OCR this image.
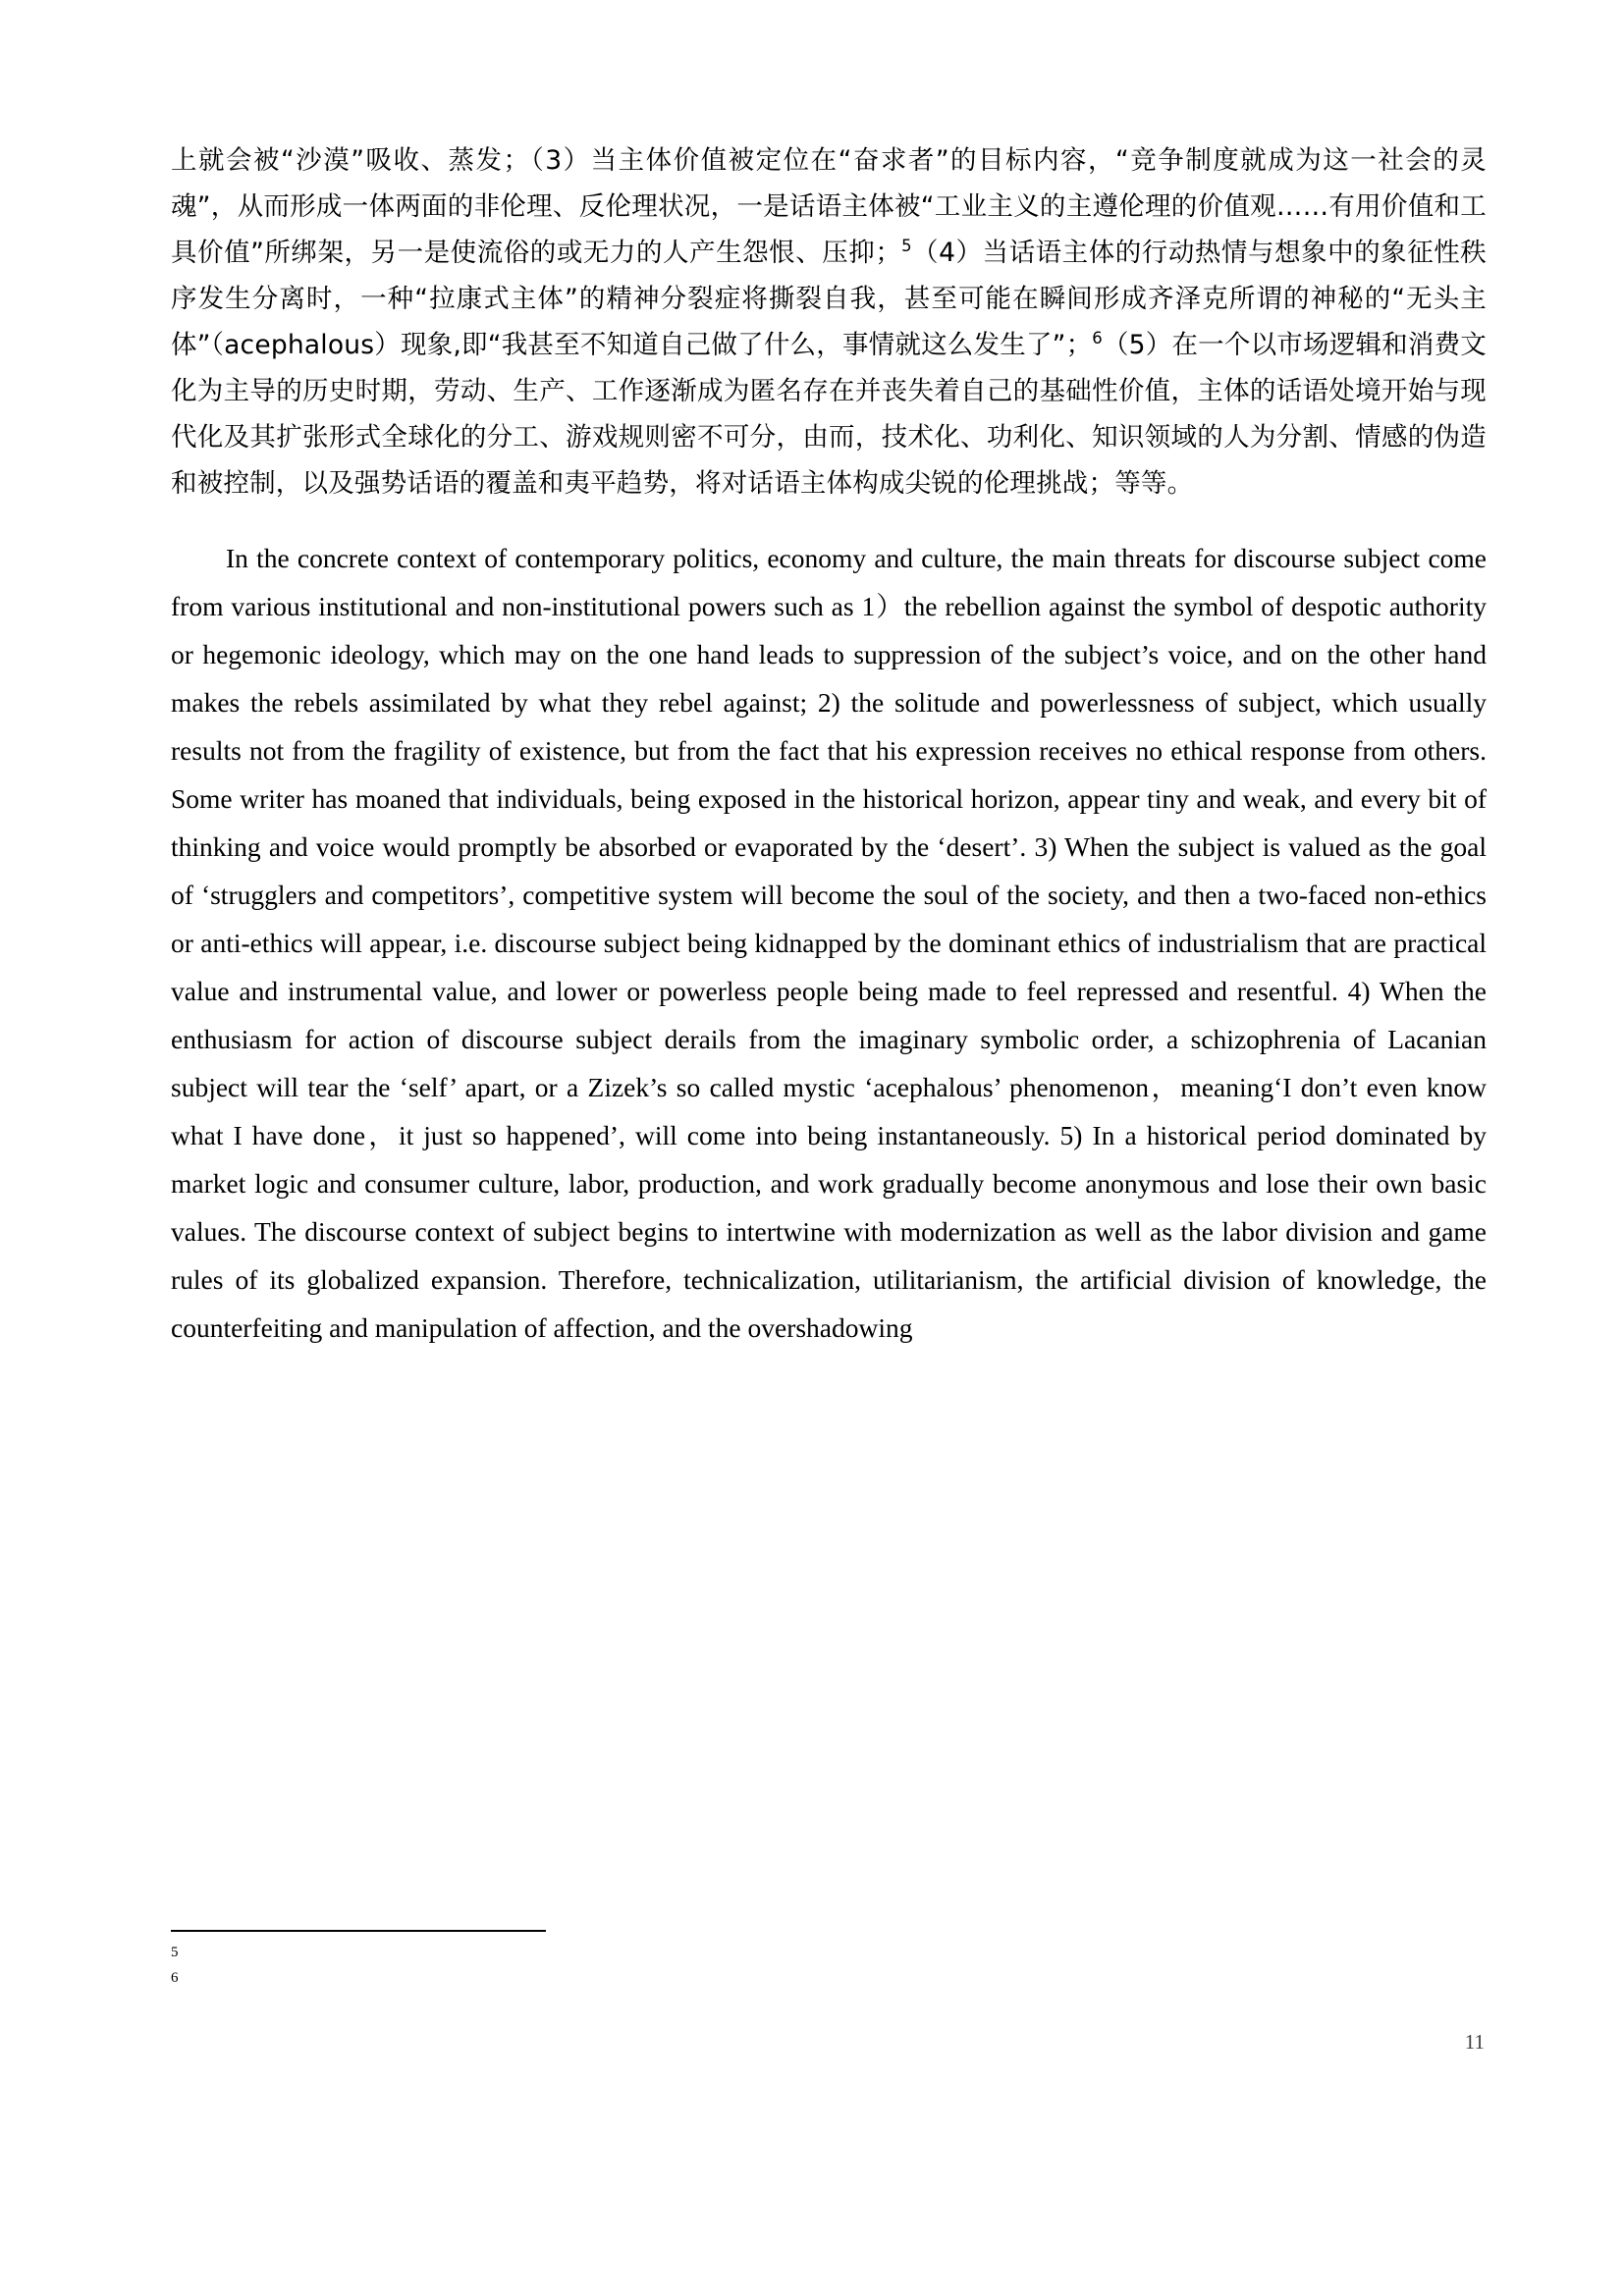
上就会被“沙漠”吸收、蒸发；（3）当主体价值被定位在“奋求者”的目标内容，“竞争制度就成为这一社会的灵魂”，从而形成一体两面的非伦理、反伦理状况，一是话语主体被“工业主义的主遵伦理的价值观……有用价值和工具价值”所绑架，另一是使流俗的或无力的人产生怨恨、压抑；$^5$（4）当话语主体的行动热情与想象中的象征性秩序发生分离时，一种“拉康式主体”的精神分裂症将撕裂自我，甚至可能在瞬间形成齐泽克所谓的神秘的“无头主体”（acephalous）现象,即“我甚至不知道自己做了什么，事情就这么发生了”；$^6$（5）在一个以市场逻辑和消费文化为主导的历史时期，劳动、生产、工作逐渐成为匿名存在并丧失着自己的基础性价值，主体的话语处境开始与现代化及其扩张形式全球化的分工、游戏规则密不可分，由而，技术化、功利化、知识领域的人为分割、情感的伪造和被控制，以及强势话语的覆盖和夷平趋势，将对话语主体构成尖锐的伦理挑战；等等。

In the concrete context of contemporary politics, economy and culture, the main threats for discourse subject come from various institutional and non-institutional powers such as 1）the rebellion against the symbol of despotic authority or hegemonic ideology, which may on the one hand leads to suppression of the subject’s voice, and on the other hand makes the rebels assimilated by what they rebel against; 2) the solitude and powerlessness of subject, which usually results not from the fragility of existence, but from the fact that his expression receives no ethical response from others. Some writer has moaned that individuals, being exposed in the historical horizon, appear tiny and weak, and every bit of thinking and voice would promptly be absorbed or evaporated by the ‘desert’. 3) When the subject is valued as the goal of ‘strugglers and competitors’, competitive system will become the soul of the society, and then a two-faced non-ethics or anti-ethics will appear, i.e. discourse subject being kidnapped by the dominant ethics of industrialism that are practical value and instrumental value, and lower or powerless people being made to feel repressed and resentful. 4) When the enthusiasm for action of discourse subject derails from the imaginary symbolic order, a schizophrenia of Lacanian subject will tear the ‘self’ apart, or a Zizek’s so called mystic ‘acephalous’ phenomenon，meaning‘I don’t even know what I have done，it just so happened’, will come into being instantaneously. 5) In a historical period dominated by market logic and consumer culture, labor, production, and work gradually become anonymous and lose their own basic values. The discourse context of subject begins to intertwine with modernization as well as the labor division and game rules of its globalized expansion. Therefore, technicalization, utilitarianism, the artificial division of knowledge, the counterfeiting and manipulation of affection, and the overshadowing

5
6
11
